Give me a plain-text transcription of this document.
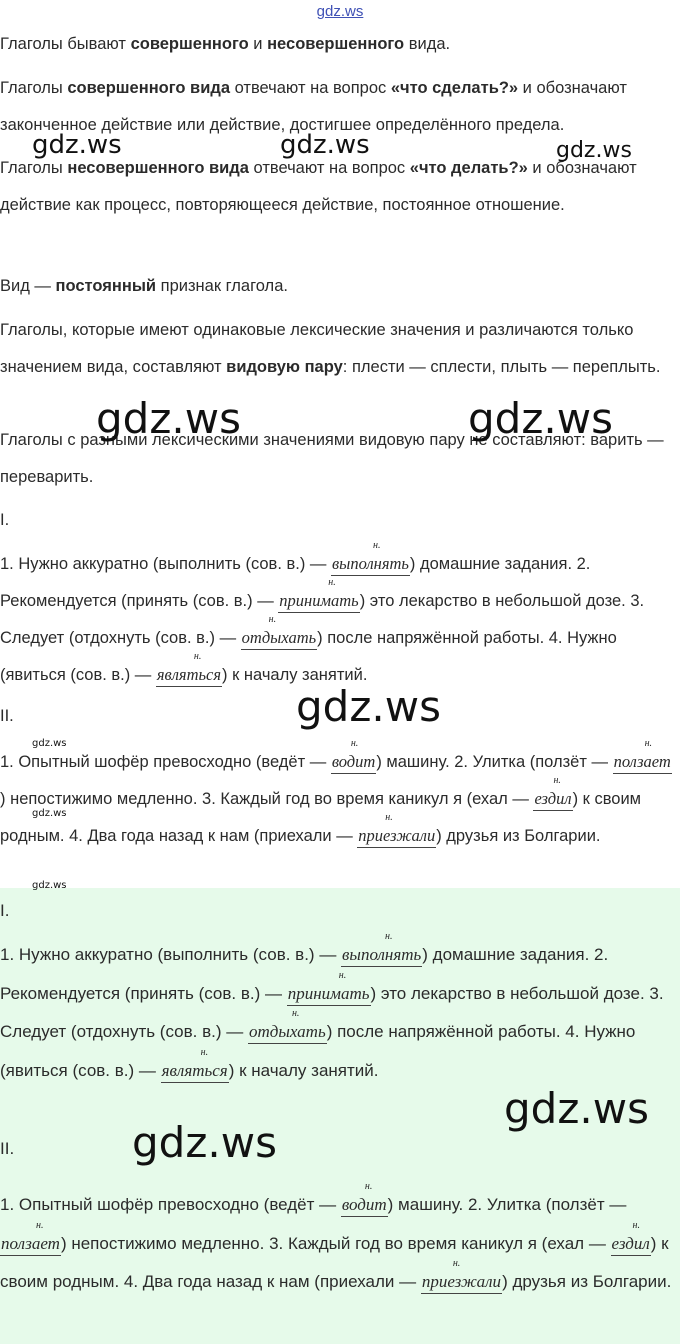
gdz.ws

Глаголы бывают совершенного и несовершенного вида.

Глаголы совершенного вида отвечают на вопрос «что сделать?» и обозначают законченное действие или действие, достигшее определённого предела.

Глаголы несовершенного вида отвечают на вопрос «что делать?» и обозначают действие как процесс, повторяющееся действие, постоянное отношение.

Вид — постоянный признак глагола.

Глаголы, которые имеют одинаковые лексические значения и различаются только значением вида, составляют видовую пару: плести — сплести, плыть — переплыть.

Глаголы с разными лексическими значениями видовую пару не составляют: варить — переварить.

I.

1. Нужно аккуратно (выполнить (сов. в.) —
н.
выполнять) домашние задания. 2. Рекомендуется (принять (сов. в.) —
н.
принимать) это лекарство в небольшой дозе. 3. Следует (отдохнуть (сов. в.) —
н.
отдыхать) после напряжённой работы. 4. Нужно (явиться (сов. в.) —
н.
являться) к началу занятий.

II.

1. Опытный шофёр превосходно (ведёт —
н.
водит) машину. 2. Улитка (ползёт —
н.
ползает) непостижимо медленно. 3. Каждый год во время каникул я (ехал —
н.
ездил) к своим родным. 4. Два года назад к нам (приехали —
н.
приезжали) друзья из Болгарии.

I.

1. Нужно аккуратно (выполнить (сов. в.) —
н.
выполнять) домашние задания. 2. Рекомендуется (принять (сов. в.) —
н.
принимать) это лекарство в небольшой дозе. 3. Следует (отдохнуть (сов. в.) —
н.
отдыхать) после напряжённой работы. 4. Нужно (явиться (сов. в.) —
н.
являться) к началу занятий.

II.

1. Опытный шофёр превосходно (ведёт —
н.
водит) машину. 2. Улитка (ползёт —
н.
ползает) непостижимо медленно. 3. Каждый год во время каникул я (ехал —
н.
ездил) к своим родным. 4. Два года назад к нам (приехали —
н.
приезжали) друзья из Болгарии.

gdz.ws	gdz.ws	gdz.ws
gdz.ws	gdz.ws
gdz.ws
gdz.ws
gdz.ws
gdz.ws
gdz.ws
gdz.ws
